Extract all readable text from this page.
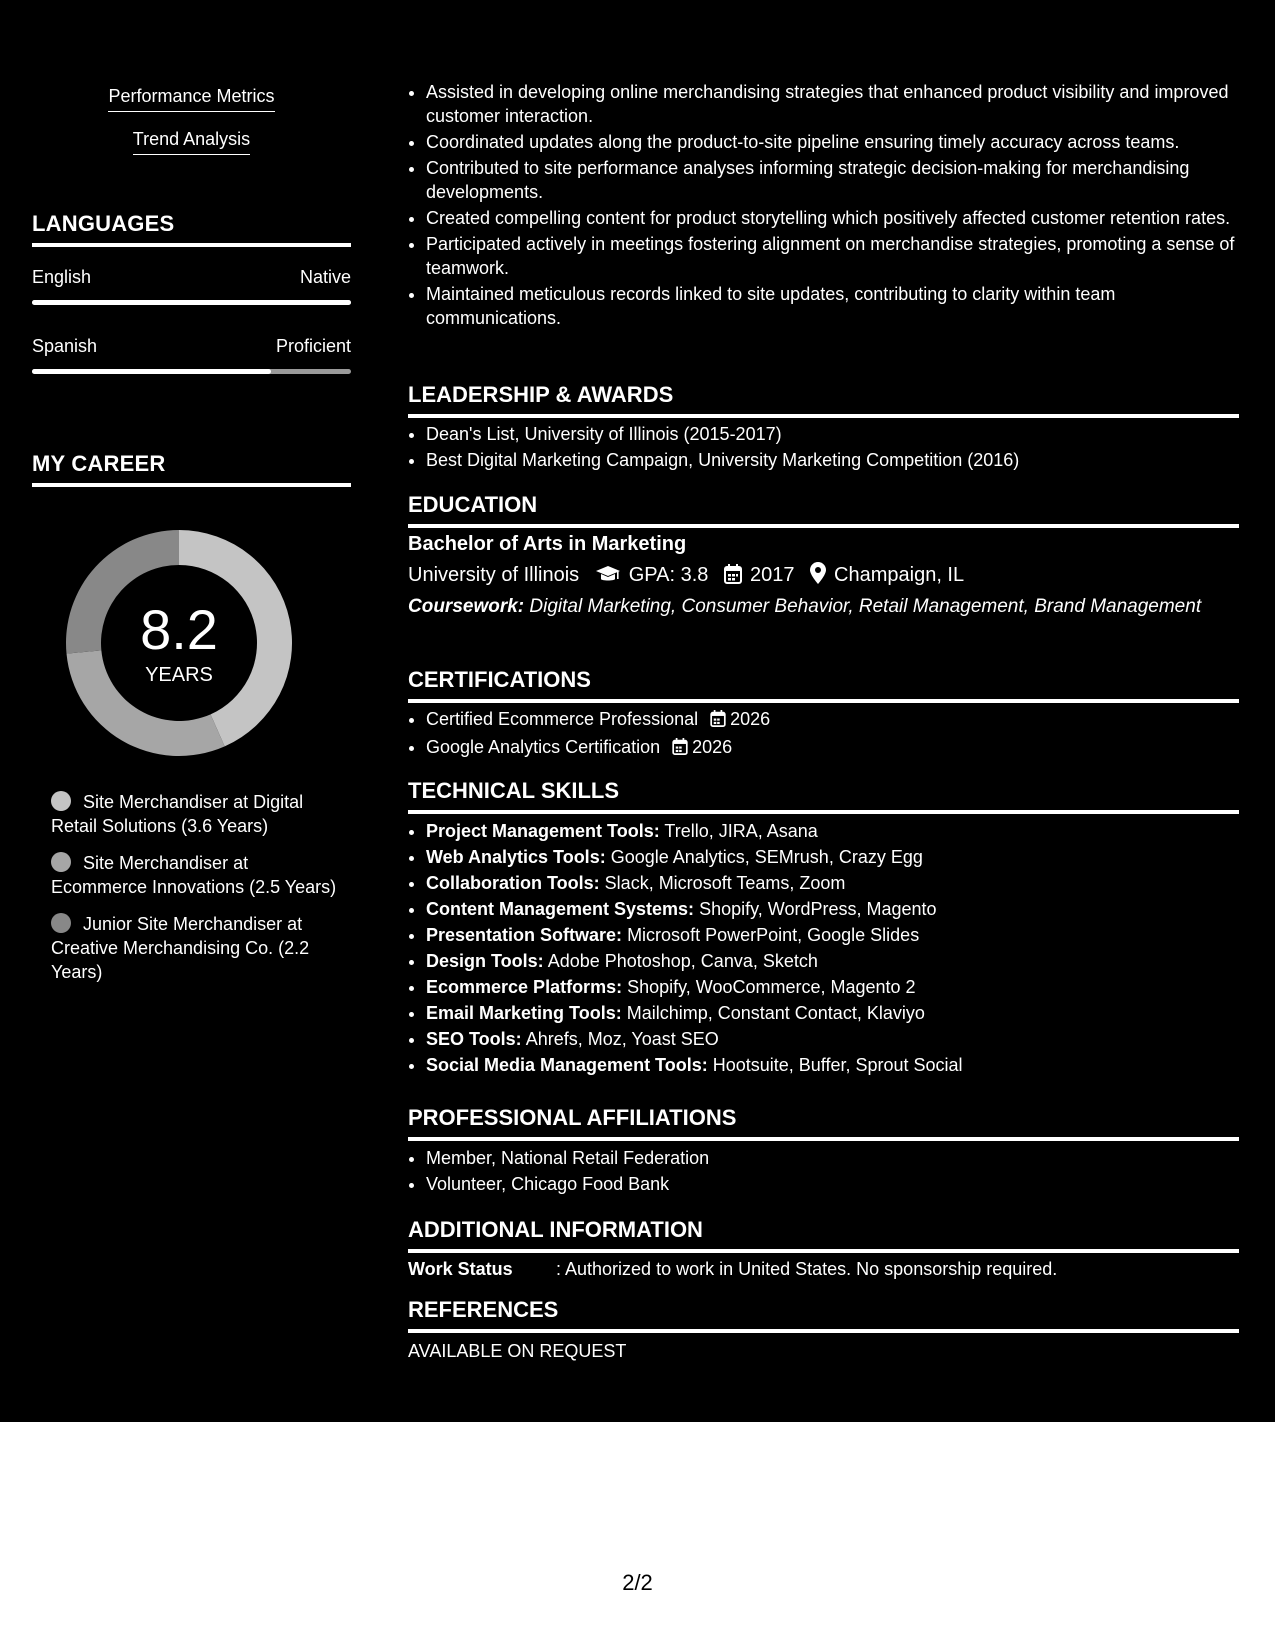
Performance Metrics
Trend Analysis
LANGUAGES
English	Native
Spanish	Proficient
MY CAREER
8.2
YEARS
Site Merchandiser at Digital Retail Solutions (3.6 Years)
Site Merchandiser at Ecommerce Innovations (2.5 Years)
Junior Site Merchandiser at Creative Merchandising Co. (2.2 Years)
• Assisted in developing online merchandising strategies that enhanced product visibility and improved customer interaction.
• Coordinated updates along the product-to-site pipeline ensuring timely accuracy across teams.
• Contributed to site performance analyses informing strategic decision-making for merchandising developments.
• Created compelling content for product storytelling which positively affected customer retention rates.
• Participated actively in meetings fostering alignment on merchandise strategies, promoting a sense of teamwork.
• Maintained meticulous records linked to site updates, contributing to clarity within team communications.
LEADERSHIP & AWARDS
• Dean's List, University of Illinois (2015-2017)
• Best Digital Marketing Campaign, University Marketing Competition (2016)
EDUCATION
Bachelor of Arts in Marketing
University of Illinois GPA: 3.8 2017 Champaign, IL
Coursework: Digital Marketing, Consumer Behavior, Retail Management, Brand Management
CERTIFICATIONS
• Certified Ecommerce Professional 2026
• Google Analytics Certification 2026
TECHNICAL SKILLS
• Project Management Tools: Trello, JIRA, Asana
• Web Analytics Tools: Google Analytics, SEMrush, Crazy Egg
• Collaboration Tools: Slack, Microsoft Teams, Zoom
• Content Management Systems: Shopify, WordPress, Magento
• Presentation Software: Microsoft PowerPoint, Google Slides
• Design Tools: Adobe Photoshop, Canva, Sketch
• Ecommerce Platforms: Shopify, WooCommerce, Magento 2
• Email Marketing Tools: Mailchimp, Constant Contact, Klaviyo
• SEO Tools: Ahrefs, Moz, Yoast SEO
• Social Media Management Tools: Hootsuite, Buffer, Sprout Social
PROFESSIONAL AFFILIATIONS
• Member, National Retail Federation
• Volunteer, Chicago Food Bank
ADDITIONAL INFORMATION
Work Status : Authorized to work in United States. No sponsorship required.
REFERENCES
AVAILABLE ON REQUEST
2/2
